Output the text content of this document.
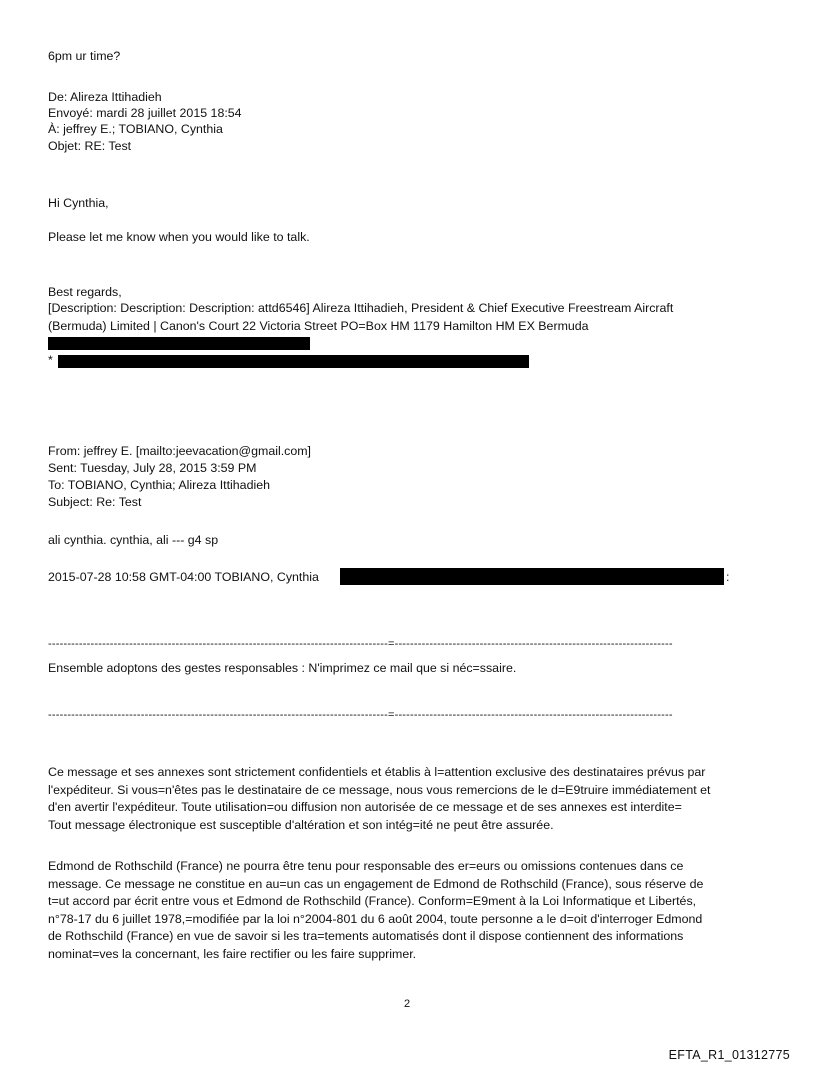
6pm ur time?

De: Alireza Ittihadieh

Envoyé: mardi 28 juillet 2015 18:54

À: jeffrey E.; TOBIANO, Cynthia

Objet: RE: Test

Hi Cynthia,

Please let me know when you would like to talk.

Best regards,

[Description: Description: Description: attd6546] Alireza Ittihadieh, President & Chief Executive Freestream Aircraft

(Bermuda) Limited | Canon's Court 22 Victoria Street PO=Box HM 1179 Hamilton HM EX Bermuda

*

From: jeffrey E. [mailto:jeevacation@gmail.com]

Sent: Tuesday, July 28, 2015 3:59 PM

To: TOBIANO, Cynthia; Alireza Ittihadieh

Subject: Re: Test

ali cynthia. cynthia, ali --- g4 sp

2015-07-28 10:58 GMT-04:00 TOBIANO, Cynthia	:

----------------------------------------------------------------------------------------=------------------------------------------------------------------------

Ensemble adoptons des gestes responsables : N'imprimez ce mail que si néc=ssaire.

----------------------------------------------------------------------------------------=------------------------------------------------------------------------

Ce message et ses annexes sont strictement confidentiels et établis à l=attention exclusive des destinataires prévus par
l'expéditeur. Si vous=n'êtes pas le destinataire de ce message, nous vous remercions de le d=E9truire immédiatement et
d'en avertir l'expéditeur. Toute utilisation=ou diffusion non autorisée de ce message et de ses annexes est interdite=
Tout message électronique est susceptible d'altération et son intég=ité ne peut être assurée.
Edmond de Rothschild (France) ne pourra être tenu pour responsable des er=eurs ou omissions contenues dans ce
message. Ce message ne constitue en au=un cas un engagement de Edmond de Rothschild (France), sous réserve de
t=ut accord par écrit entre vous et Edmond de Rothschild (France). Conform=E9ment à la Loi Informatique et Libertés,
n°78-17 du 6 juillet 1978,=modifiée par la loi n°2004-801 du 6 août 2004, toute personne a le d=oit d'interroger Edmond
de Rothschild (France) en vue de savoir si les tra=tements automatisés dont il dispose contiennent des informations
nominat=ves la concernant, les faire rectifier ou les faire supprimer.
2
EFTA_R1_01312775
